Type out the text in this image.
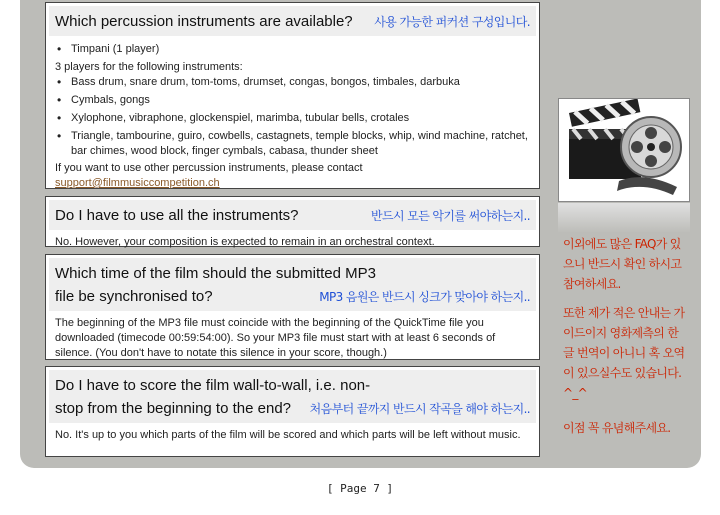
Which percussion instruments are available? 사용 가능한 퍼커션 구성입니다.
• Timpani (1 player)
3 players for the following instruments:
• Bass drum, snare drum, tom-toms, drumset, congas, bongos, timbales, darbuka
• Cymbals, gongs
• Xylophone, vibraphone, glockenspiel, marimba, tubular bells, crotales
• Triangle, tambourine, guiro, cowbells, castagnets, temple blocks, whip, wind machine, ratchet, bar chimes, wood block, finger cymbals, cabasa, thunder sheet
If you want to use other percussion instruments, please contact
support@filmmusiccompetition.ch
Do I have to use all the instruments?	반드시 모든 악기를 써야하는지..
No. However, your composition is expected to remain in an orchestral context.
Which time of the film should the submitted MP3 file be synchronised to?	MP3 음원은 반드시 싱크가 맞아야 하는지..
The beginning of the MP3 file must coincide with the beginning of the QuickTime file you downloaded (timecode 00:59:54:00). So your MP3 file must start with at least 6 seconds of silence. (You don't have to notate this silence in your score, though.)
Do I have to score the film wall-to-wall, i.e. non-stop from the beginning to the end? 처음부터 끝까지 반드시 작곡을 해야 하는지..
No. It's up to you which parts of the film will be scored and which parts will be left without music.
이외에도 많은 FAQ가 있으니 반드시 확인 하시고 참여하세요.
또한 제가 적은 안내는 가이드이지 영화제측의 한글 번역이 아니니 혹 오역이 있으실수도 있습니다. ^_^
이점 꼭 유념해주세요.
[ Page 7 ]
